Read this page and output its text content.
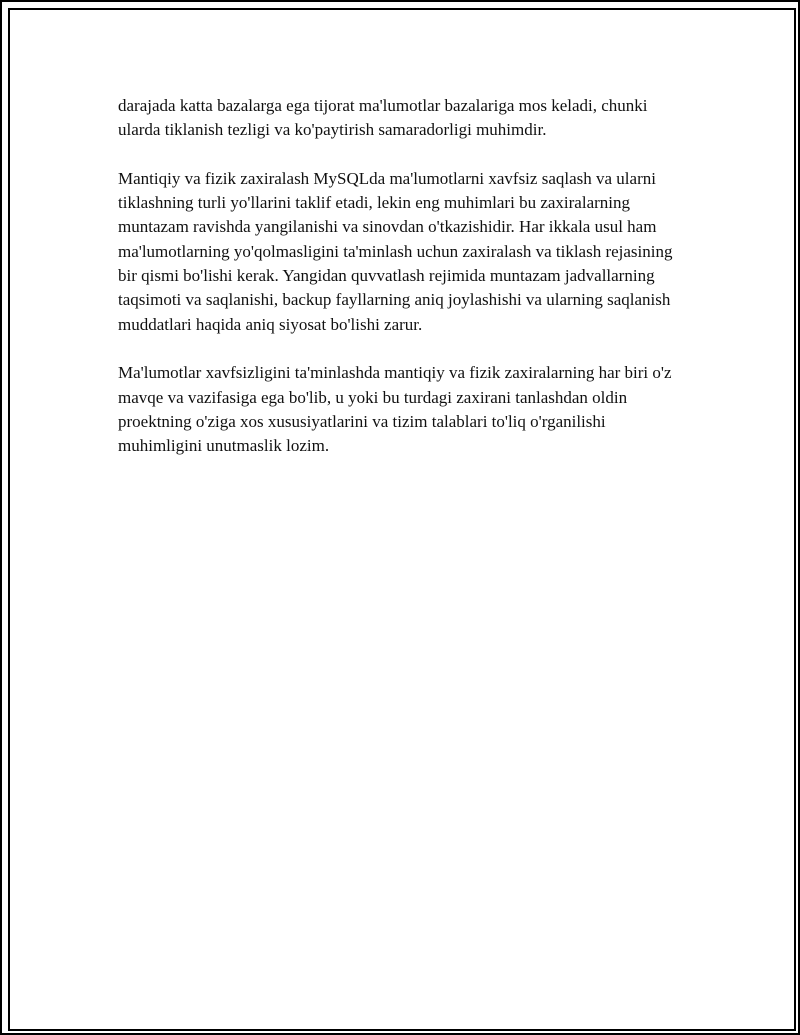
darajada katta bazalarga ega tijorat ma'lumotlar bazalariga mos keladi, chunki ularda tiklanish tezligi va ko'paytirish samaradorligi muhimdir.

Mantiqiy va fizik zaxiralash MySQLda ma'lumotlarni xavfsiz saqlash va ularni tiklashning turli yo'llarini taklif etadi, lekin eng muhimlari bu zaxiralarning muntazam ravishda yangilanishi va sinovdan o'tkazishidir. Har ikkala usul ham ma'lumotlarning yo'qolmasligini ta'minlash uchun zaxiralash va tiklash rejasining bir qismi bo'lishi kerak. Yangidan quvvatlash rejimida muntazam jadvallarning taqsimoti va saqlanishi, backup fayllarning aniq joylashishi va ularning saqlanish muddatlari haqida aniq siyosat bo'lishi zarur.

Ma'lumotlar xavfsizligini ta'minlashda mantiqiy va fizik zaxiralarning har biri o'z mavqe va vazifasiga ega bo'lib, u yoki bu turdagi zaxirani tanlashdan oldin proektning o'ziga xos xususiyatlarini va tizim talablari to'liq o'rganilishi muhimligini unutmaslik lozim.
